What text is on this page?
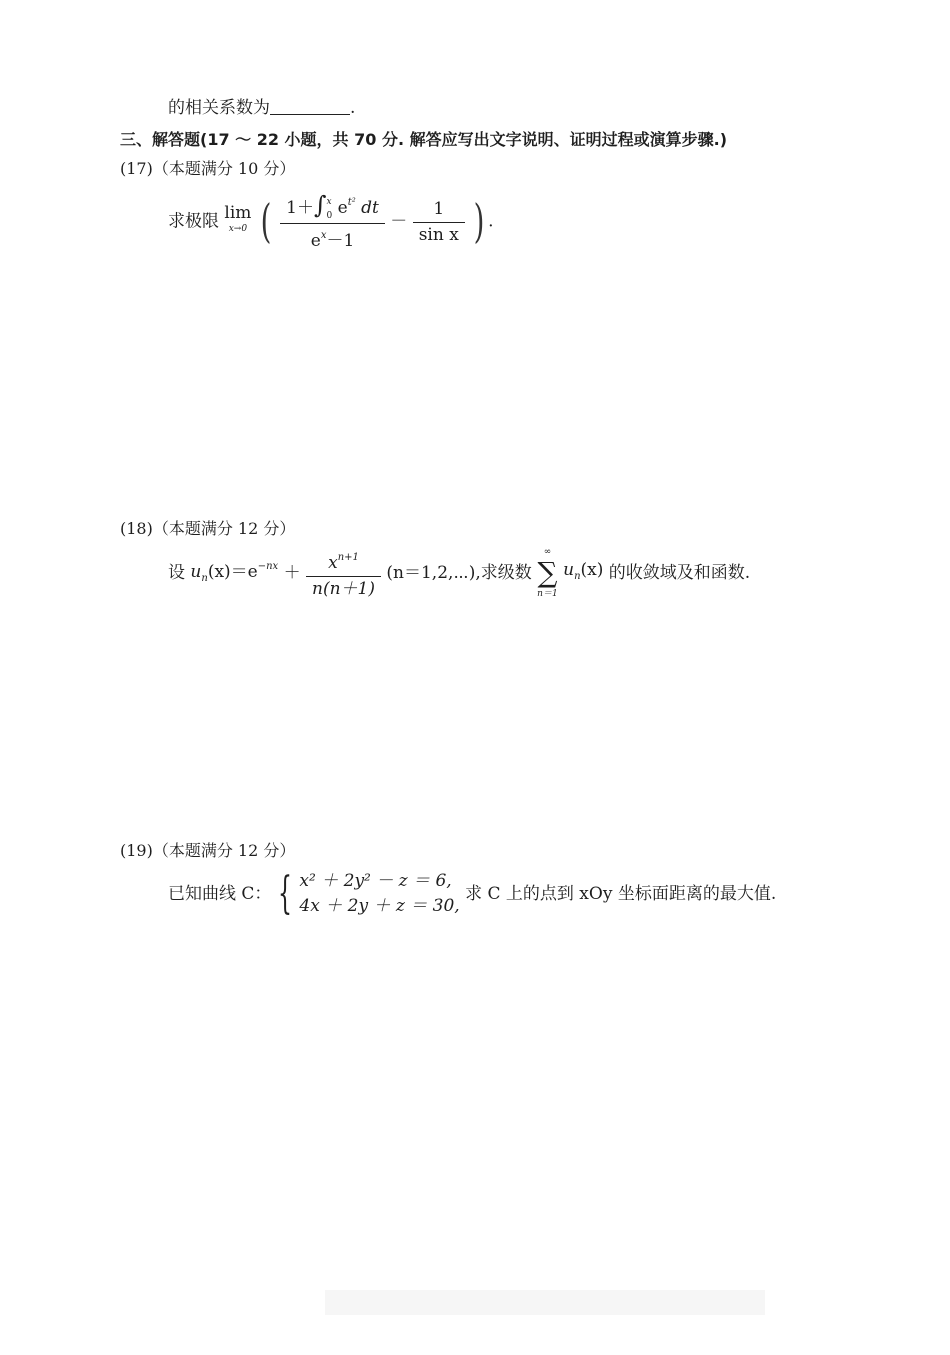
的相关系数为	.
三、解答题(17 ～ 22 小题，共 70 分. 解答应写出文字说明、证明过程或演算步骤.)
(17)（本题满分 10 分）
求极限 lim
x→0 ( 1＋∫ x
0 $e^{t^2}$ dt
$e^x-1 - \frac{1}{\text{sin x}}$ ) .
(18)（本题满分 12 分）
设 $u_n(x)=e^{-nx} + \frac{x^{n+1}}{n(n+1)}$ (n＝1,2,⋯),求级数
∞
∑
n＝1
$u_n(x)$ 的收敛域及和函数.
(19)（本题满分 12 分）
已知曲线 C： { x² ＋ 2y² － z ＝ 6,
4x ＋ 2y ＋ z ＝ 30,
求 C 上的点到 xOy 坐标面距离的最大值.
